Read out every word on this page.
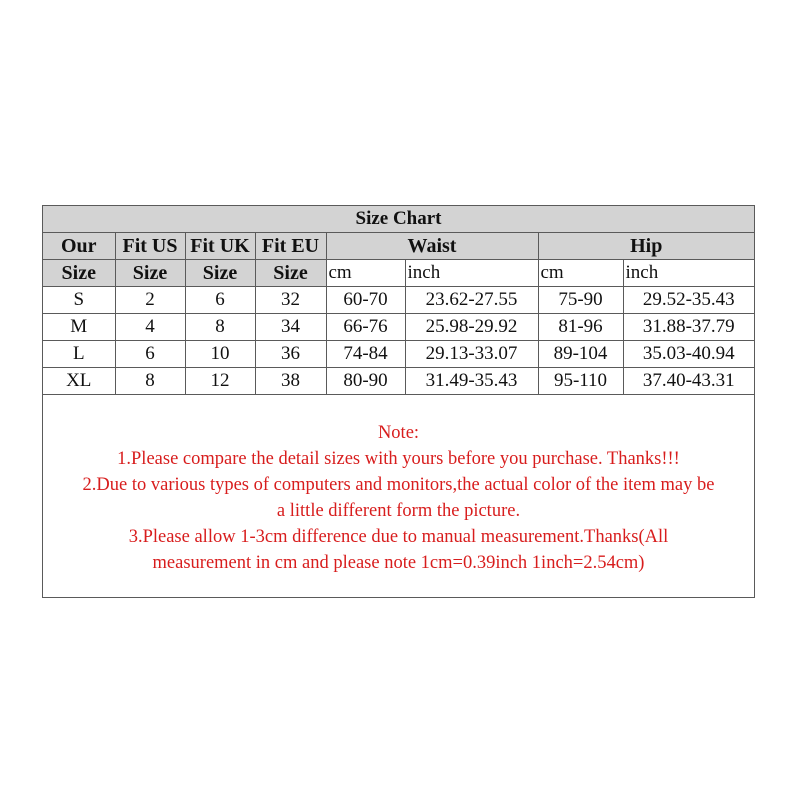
Size Chart							
Our	Fit US	Fit UK	Fit EU	Waist		Hip	
Size	Size	Size	Size	cm	inch	cm	inch
S	2	6	32	60-70	23.62-27.55	75-90	29.52-35.43
M	4	8	34	66-76	25.98-29.92	81-96	31.88-37.79
L	6	10	36	74-84	29.13-33.07	89-104	35.03-40.94
XL	8	12	38	80-90	31.49-35.43	95-110	37.40-43.31
Note:
1.Please compare the detail sizes with yours before you purchase. Thanks!!!
2.Due to various types of computers and monitors,the actual color of the item may be
a little different form the picture.
3.Please allow 1-3cm difference due to manual measurement.Thanks(All
measurement in cm and please note 1cm=0.39inch 1inch=2.54cm)
